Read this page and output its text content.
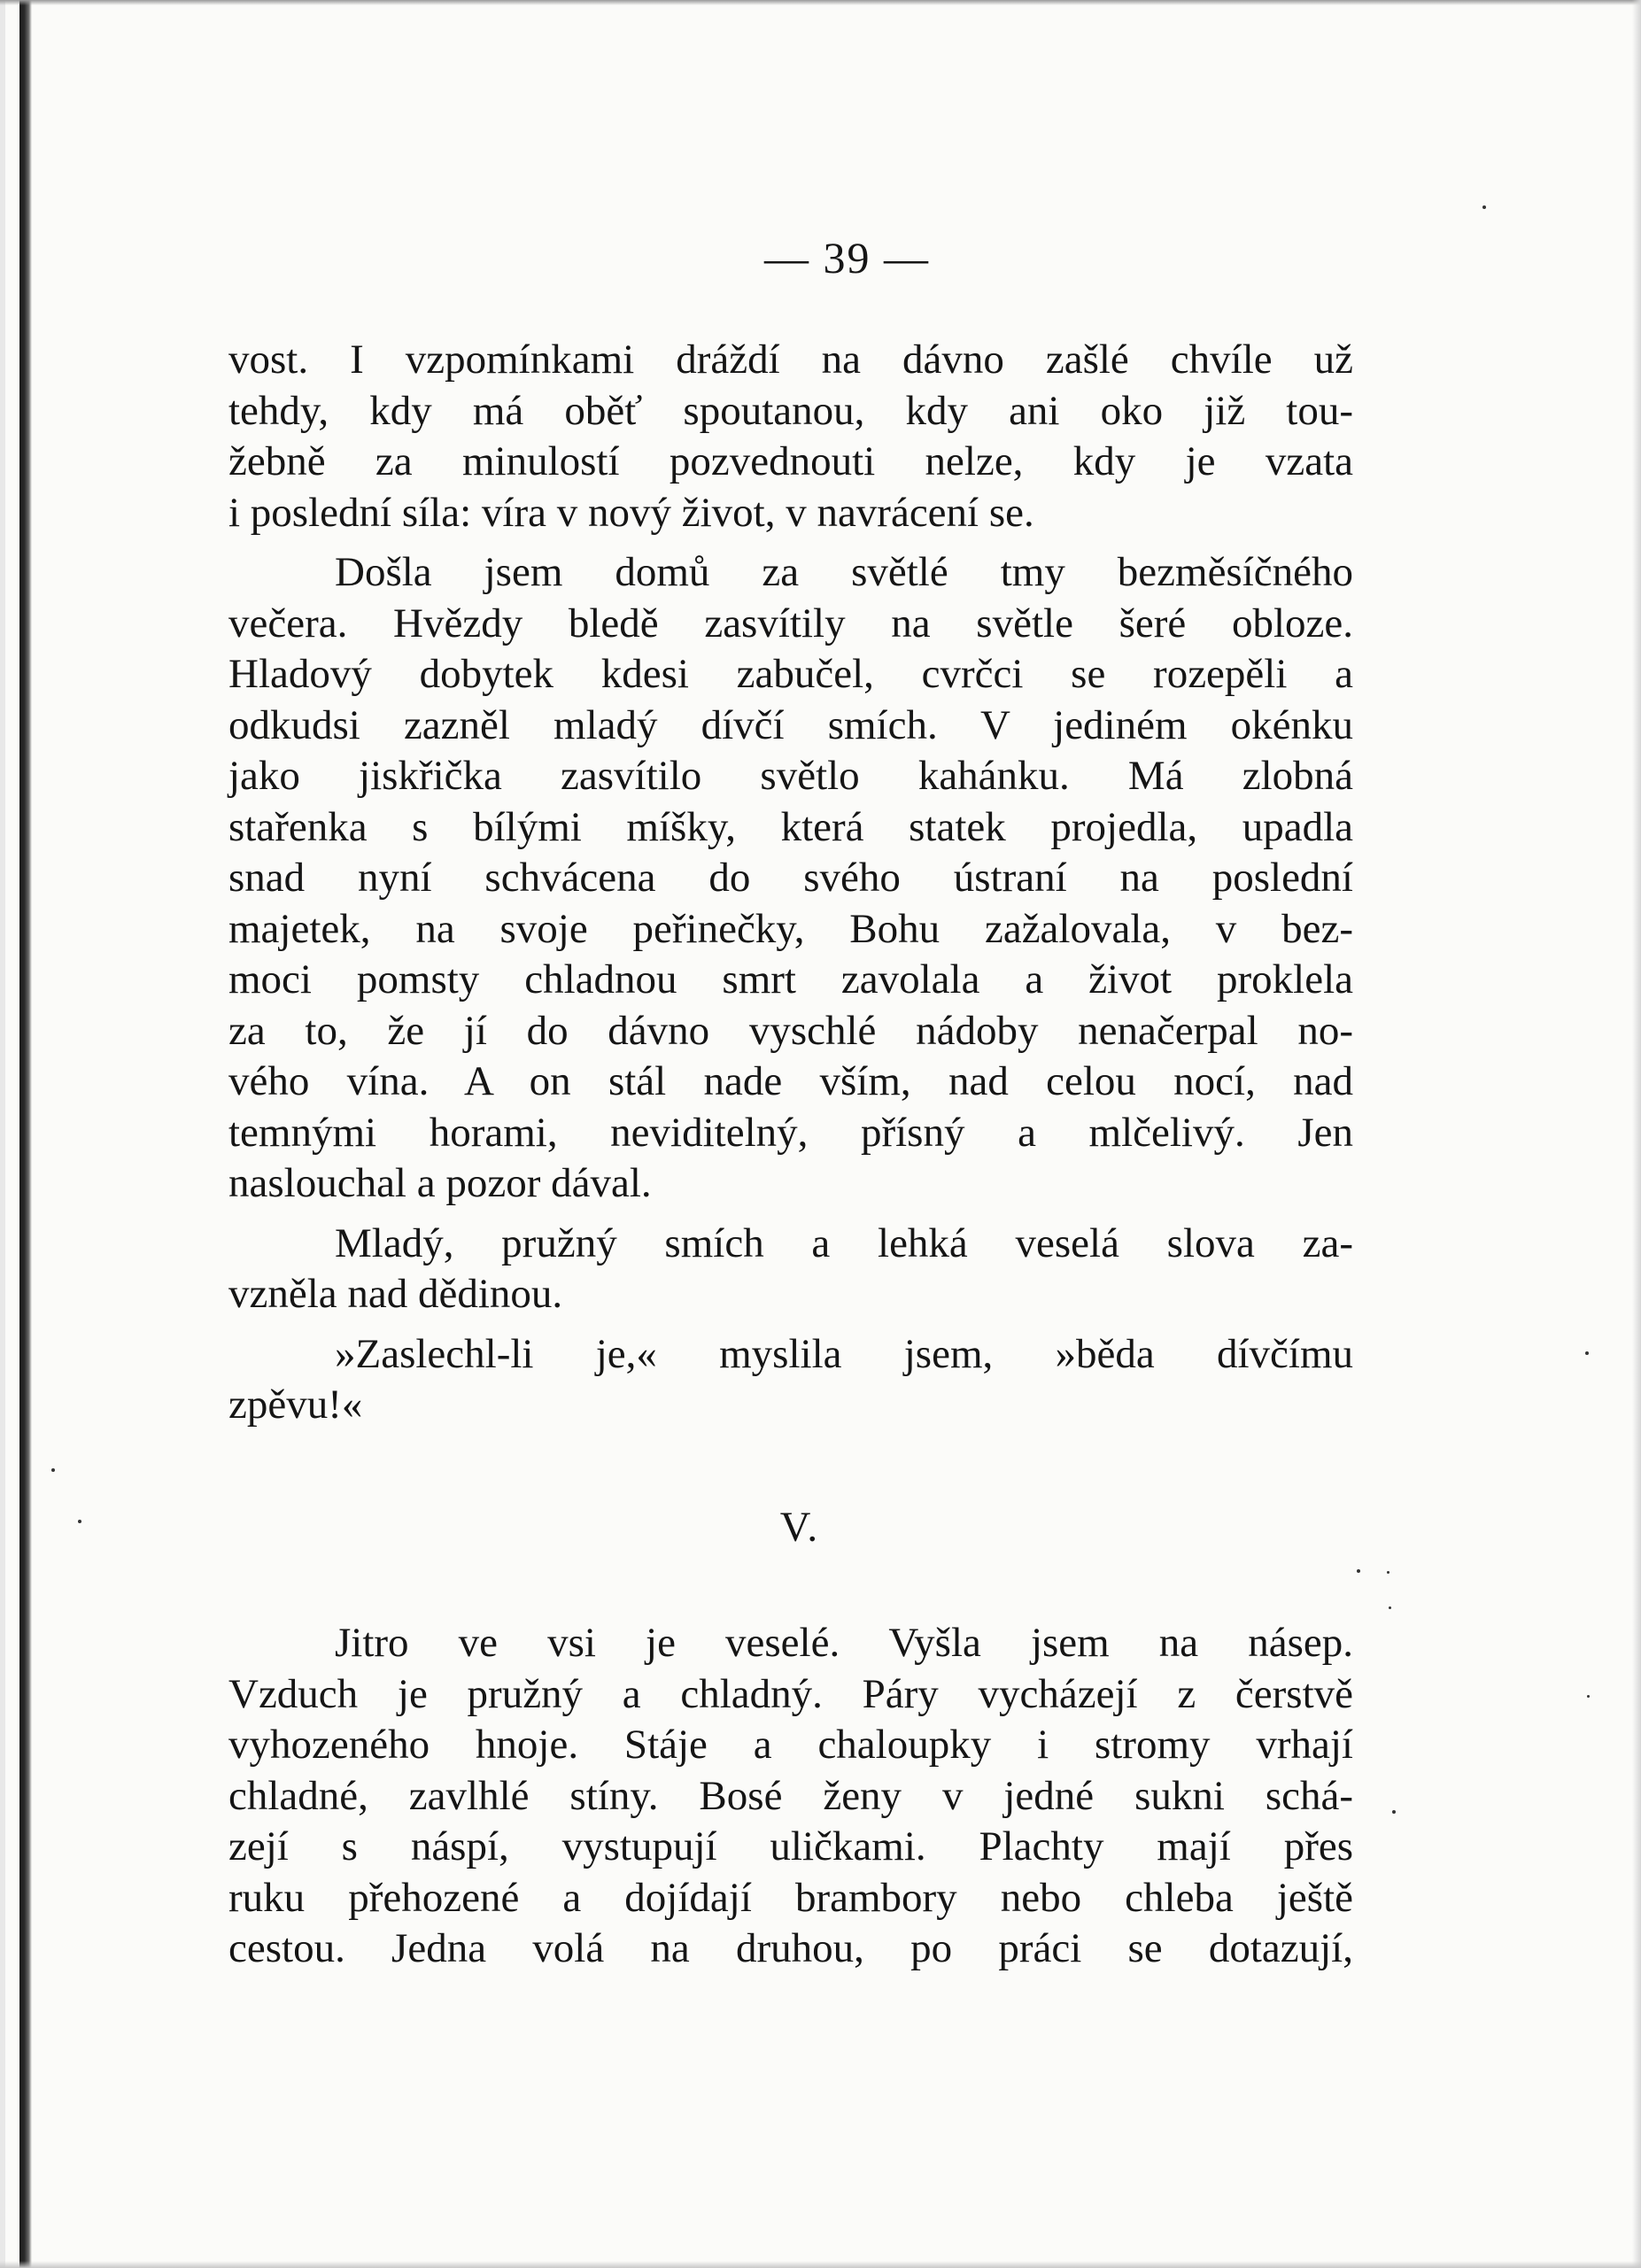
— 39 —
vost. I vzpomínkami dráždí na dávno zašlé chvíle už
tehdy, kdy má oběť spoutanou, kdy ani oko již tou-
žebně za minulostí pozvednouti nelze, kdy je vzata
i poslední síla: víra v nový život, v navrácení se.
Došla jsem domů za světlé tmy bezměsíčného
večera. Hvězdy bledě zasvítily na světle šeré obloze.
Hladový dobytek kdesi zabučel, cvrčci se rozepěli a
odkudsi zazněl mladý dívčí smích. V jediném okénku
jako jiskřička zasvítilo světlo kahánku. Má zlobná
stařenka s bílými míšky, která statek projedla, upadla
snad nyní schvácena do svého ústraní na poslední
majetek, na svoje peřinečky, Bohu zažalovala, v bez-
moci pomsty chladnou smrt zavolala a život proklela
za to, že jí do dávno vyschlé nádoby nenačerpal no-
vého vína. A on stál nade vším, nad celou nocí, nad
temnými horami, neviditelný, přísný a mlčelivý. Jen
naslouchal a pozor dával.
Mladý, pružný smích a lehká veselá slova za-
vzněla nad dědinou.
»Zaslechl-li je,« myslila jsem, »běda dívčímu
zpěvu!«
V.
Jitro ve vsi je veselé. Vyšla jsem na násep.
Vzduch je pružný a chladný. Páry vycházejí z čerstvě
vyhozeného hnoje. Stáje a chaloupky i stromy vrhají
chladné, zavlhlé stíny. Bosé ženy v jedné sukni schá-
zejí s náspí, vystupují uličkami. Plachty mají přes
ruku přehozené a dojídají brambory nebo chleba ještě
cestou. Jedna volá na druhou, po práci se dotazují,
